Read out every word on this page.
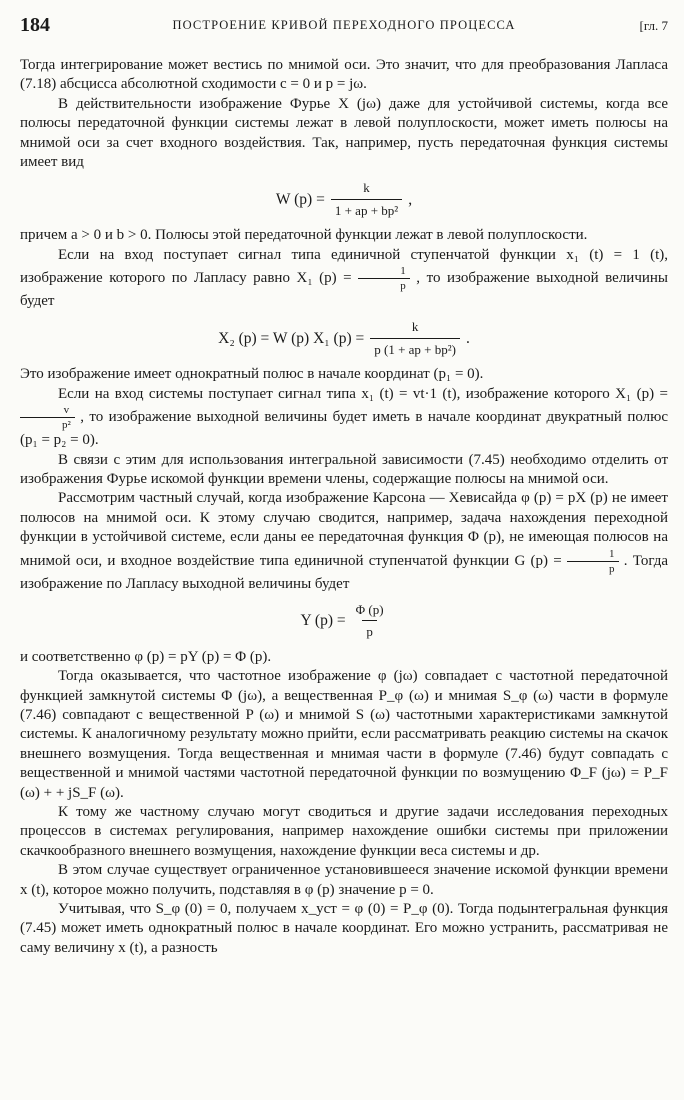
184	ПОСТРОЕНИЕ КРИВОЙ ПЕРЕХОДНОГО ПРОЦЕССА	[гл. 7

Тогда интегрирование может вестись по мнимой оси. Это значит, что для преобразования Лапласа (7.18) абсцисса абсолютной сходимости c = 0 и p = jω.

В действительности изображение Фурье X (jω) даже для устойчивой системы, когда все полюсы передаточной функции системы лежат в левой полуплоскости, может иметь полюсы на мнимой оси за счет входного воздействия. Так, например, пусть передаточная функция системы имеет вид

W $(p) = \frac{k}{\text{1 + ap + bp²}}$ ,

причем a > 0 и b > 0. Полюсы этой передаточной функции лежат в левой полуплоскости.

Если на вход поступает сигнал типа единичной ступенчатой функции x₁ (t) = 1 (t), изображение которого по Лапласу равно X₁ $(p) = \frac{1}{p}$ , то изображение выходной величины будет

X₂ (p) = W (p) X₁ $(p) = \frac{k}{\text{p (1 + ap + bp²)}}$ .

Это изображение имеет однократный полюс в начале координат (p₁ = 0).

Если на вход системы поступает сигнал типа x₁ (t) = vt·1 (t), изображение которого X₁ (p) =
$\frac{v}{\text{p²}}$ , то изображение выходной величины будет иметь в начале координат двукратный полюс (p₁ = p₂ = 0).

В связи с этим для использования интегральной зависимости (7.45) необходимо отделить от изображения Фурье искомой функции времени члены, содержащие полюсы на мнимой оси.

Рассмотрим частный случай, когда изображение Карсона — Хевисайда φ (p) = pX (p) не имеет полюсов на мнимой оси. К этому случаю сводится, например, задача нахождения переходной функции в устойчивой системе, если даны ее передаточная функция Φ (p), не имеющая полюсов на мнимой оси, и входное воздействие типа единичной ступенчатой функции G $(p) = \frac{1}{p}$ . Тогда изображение по Лапласу выходной величины будет

Y $(p) = \frac{\Phi (p)}{p}$

и соответственно φ (p) = pY (p) = Φ (p).

Тогда оказывается, что частотное изображение φ (jω) совпадает с частотной передаточной функцией замкнутой системы Φ (jω), а вещественная P_φ (ω) и мнимая S_φ (ω) части в формуле (7.46) совпадают с вещественной P (ω) и мнимой S (ω) частотными характеристиками замкнутой системы. К аналогичному результату можно прийти, если рассматривать реакцию системы на скачок внешнего возмущения. Тогда вещественная и мнимая части в формуле (7.46) будут совпадать с вещественной и мнимой частями частотной передаточной функции по возмущению Φ_F (jω) = P_F (ω) + + jS_F (ω).

К тому же частному случаю могут сводиться и другие задачи исследования переходных процессов в системах регулирования, например нахождение ошибки системы при приложении скачкообразного внешнего возмущения, нахождение функции веса системы и др.

В этом случае существует ограниченное установившееся значение искомой функции времени x (t), которое можно получить, подставляя в φ (p) значение p = 0.

Учитывая, что S_φ (0) = 0, получаем x_уст = φ (0) = P_φ (0). Тогда подынтегральная функция (7.45) может иметь однократный полюс в начале координат. Его можно устранить, рассматривая не саму величину x (t), а разность
